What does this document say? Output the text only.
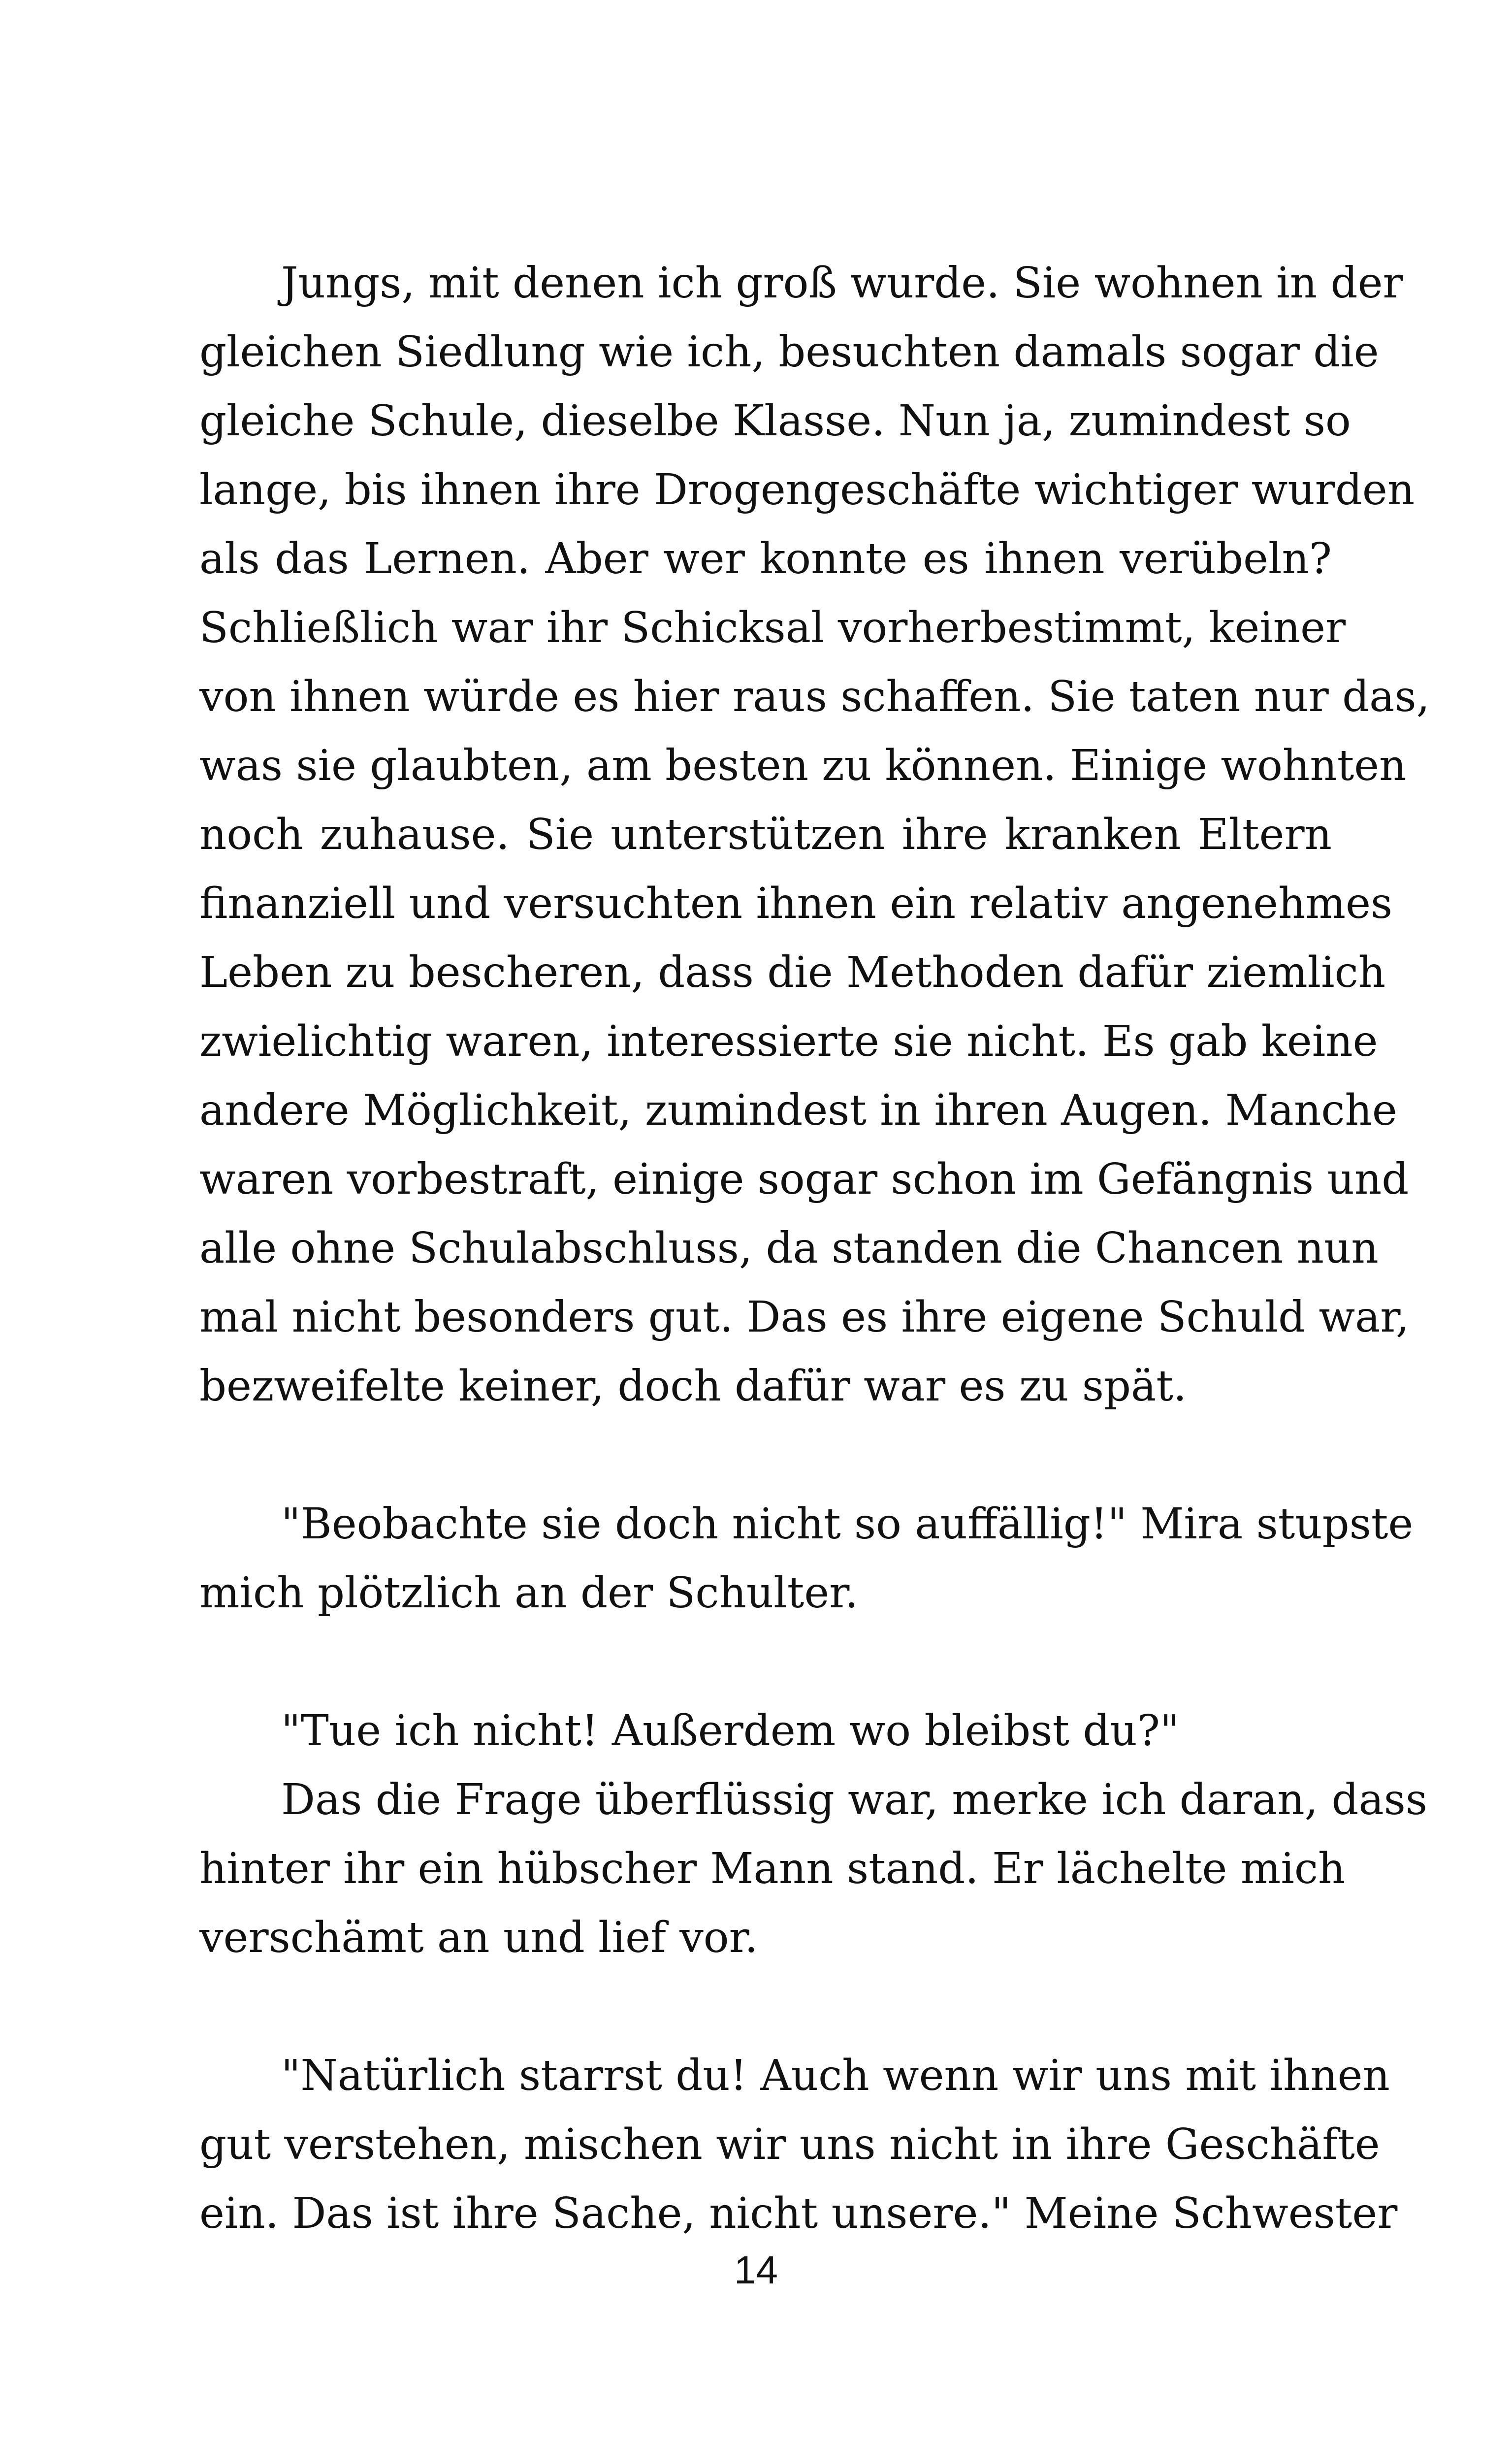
Jungs, mit denen ich groß wurde. Sie wohnen in der
gleichen Siedlung wie ich, besuchten damals sogar die
gleiche Schule, dieselbe Klasse. Nun ja, zumindest so
lange, bis ihnen ihre Drogengeschäfte wichtiger wurden
als das Lernen. Aber wer konnte es ihnen verübeln?
Schließlich war ihr Schicksal vorherbestimmt, keiner
von ihnen würde es hier raus schaffen. Sie taten nur das,
was sie glaubten, am besten zu können. Einige wohnten
noch zuhause. Sie unterstützen ihre kranken Eltern
finanziell und versuchten ihnen ein relativ angenehmes
Leben zu bescheren, dass die Methoden dafür ziemlich
zwielichtig waren, interessierte sie nicht. Es gab keine
andere Möglichkeit, zumindest in ihren Augen. Manche
waren vorbestraft, einige sogar schon im Gefängnis und
alle ohne Schulabschluss, da standen die Chancen nun
mal nicht besonders gut. Das es ihre eigene Schuld war,
bezweifelte keiner, doch dafür war es zu spät.
"Beobachte sie doch nicht so auffällig!" Mira stupste
mich plötzlich an der Schulter.
"Tue ich nicht! Außerdem wo bleibst du?"
Das die Frage überflüssig war, merke ich daran, dass
hinter ihr ein hübscher Mann stand. Er lächelte mich
verschämt an und lief vor.
"Natürlich starrst du! Auch wenn wir uns mit ihnen
gut verstehen, mischen wir uns nicht in ihre Geschäfte
ein. Das ist ihre Sache, nicht unsere." Meine Schwester
14
